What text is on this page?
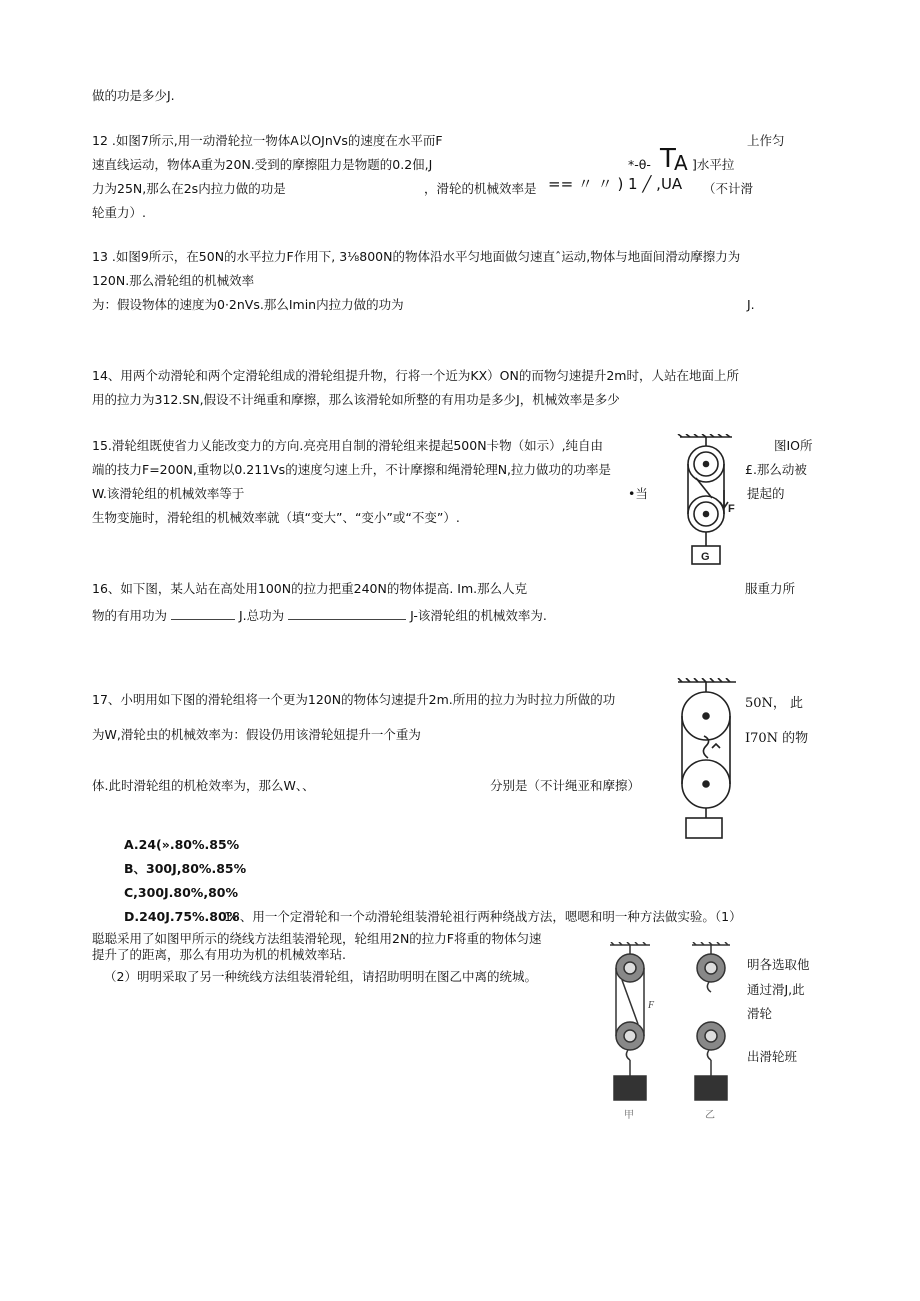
做的功是多少J.
12 .如图7所示,用一动滑轮拉一物体A以OJnVs的速度在水平而F	上作匀
速直线运动，物体A重为20N.受到的摩擦阻力是物题的0.2佃,J	*-θ- T
A ]水平拉
力为25N,那么在2s内拉力做的功是	，滑轮的机械效率是 == 〃 〃 ) 1 ╱ ,UA （不计滑
轮重力）.
13 .如图9所示，在50N的水平拉力F作用下, 3⅛800N的物体沿水平匀地面做匀速直ˆ运动,物体与地面间滑动摩擦力为
120N.那么滑轮组的机械效率
为：假设物体的速度为0·2nVs.那么Imin内拉力做的功为	J.
14、用两个动滑轮和两个定滑轮组成的滑轮组提升物，行将一个近为KX）ON的而物匀速提升2m时，人站在地面上所
用的拉力为312.SN,假设不计绳重和摩擦，那么该滑轮如所整的有用功是多少J，机械效率是多少
15.滑轮组既使省力乂能改变力的方向.亮亮用自制的滑轮组来提起500N卡物（如示）,纯自由	图IO所
端的技力F=200N,重物以0.211Vs的速度匀速上升，不计摩擦和绳滑轮理N,拉力做功的功率是	£.那么动被
W.该滑轮组的机械效率等于	•当	提起的
生物变施时，滑轮组的机械效率就（填“变大”、“变小”或“不变”）.
F
G
16、如下图，某人站在高处用100N的拉力把重240N的物体提高. Im.那么人克	服重力所
物的有用功为	J.总功为	J-该滑轮组的机械效率为.
17、小明用如下图的滑轮组将一个更为120N的物体匀速提升2m.所用的拉力为时拉力所做的功
为W,滑轮虫的机械效率为：假设仍用该滑轮妞提升一个重为
体.此时滑轮组的机枪效率为，那么W、、	分别是（不计绳亚和摩擦）
50N， 此
I70N 的物
A.24(».80%.85%
B、300J,80%.85%
C,300J.80%,80%
D.240J.75%.80%
18、用一个定滑轮和一个动滑轮组装滑轮祖行两种绕战方法，嗯嗯和明一种方法做实验。（1）
聪聪采用了如图甲所示的绕线方法组装滑轮现，轮组用2N的拉力F将重的物体匀速
提升了的距离，那么有用功为机的机械效率玷.
（2）明明采取了另一种统线方法组装滑轮组，请招助明明在图乙中离的统城。
明各选取他
通过滑J,此
滑轮
出滑轮班
F
甲	乙
